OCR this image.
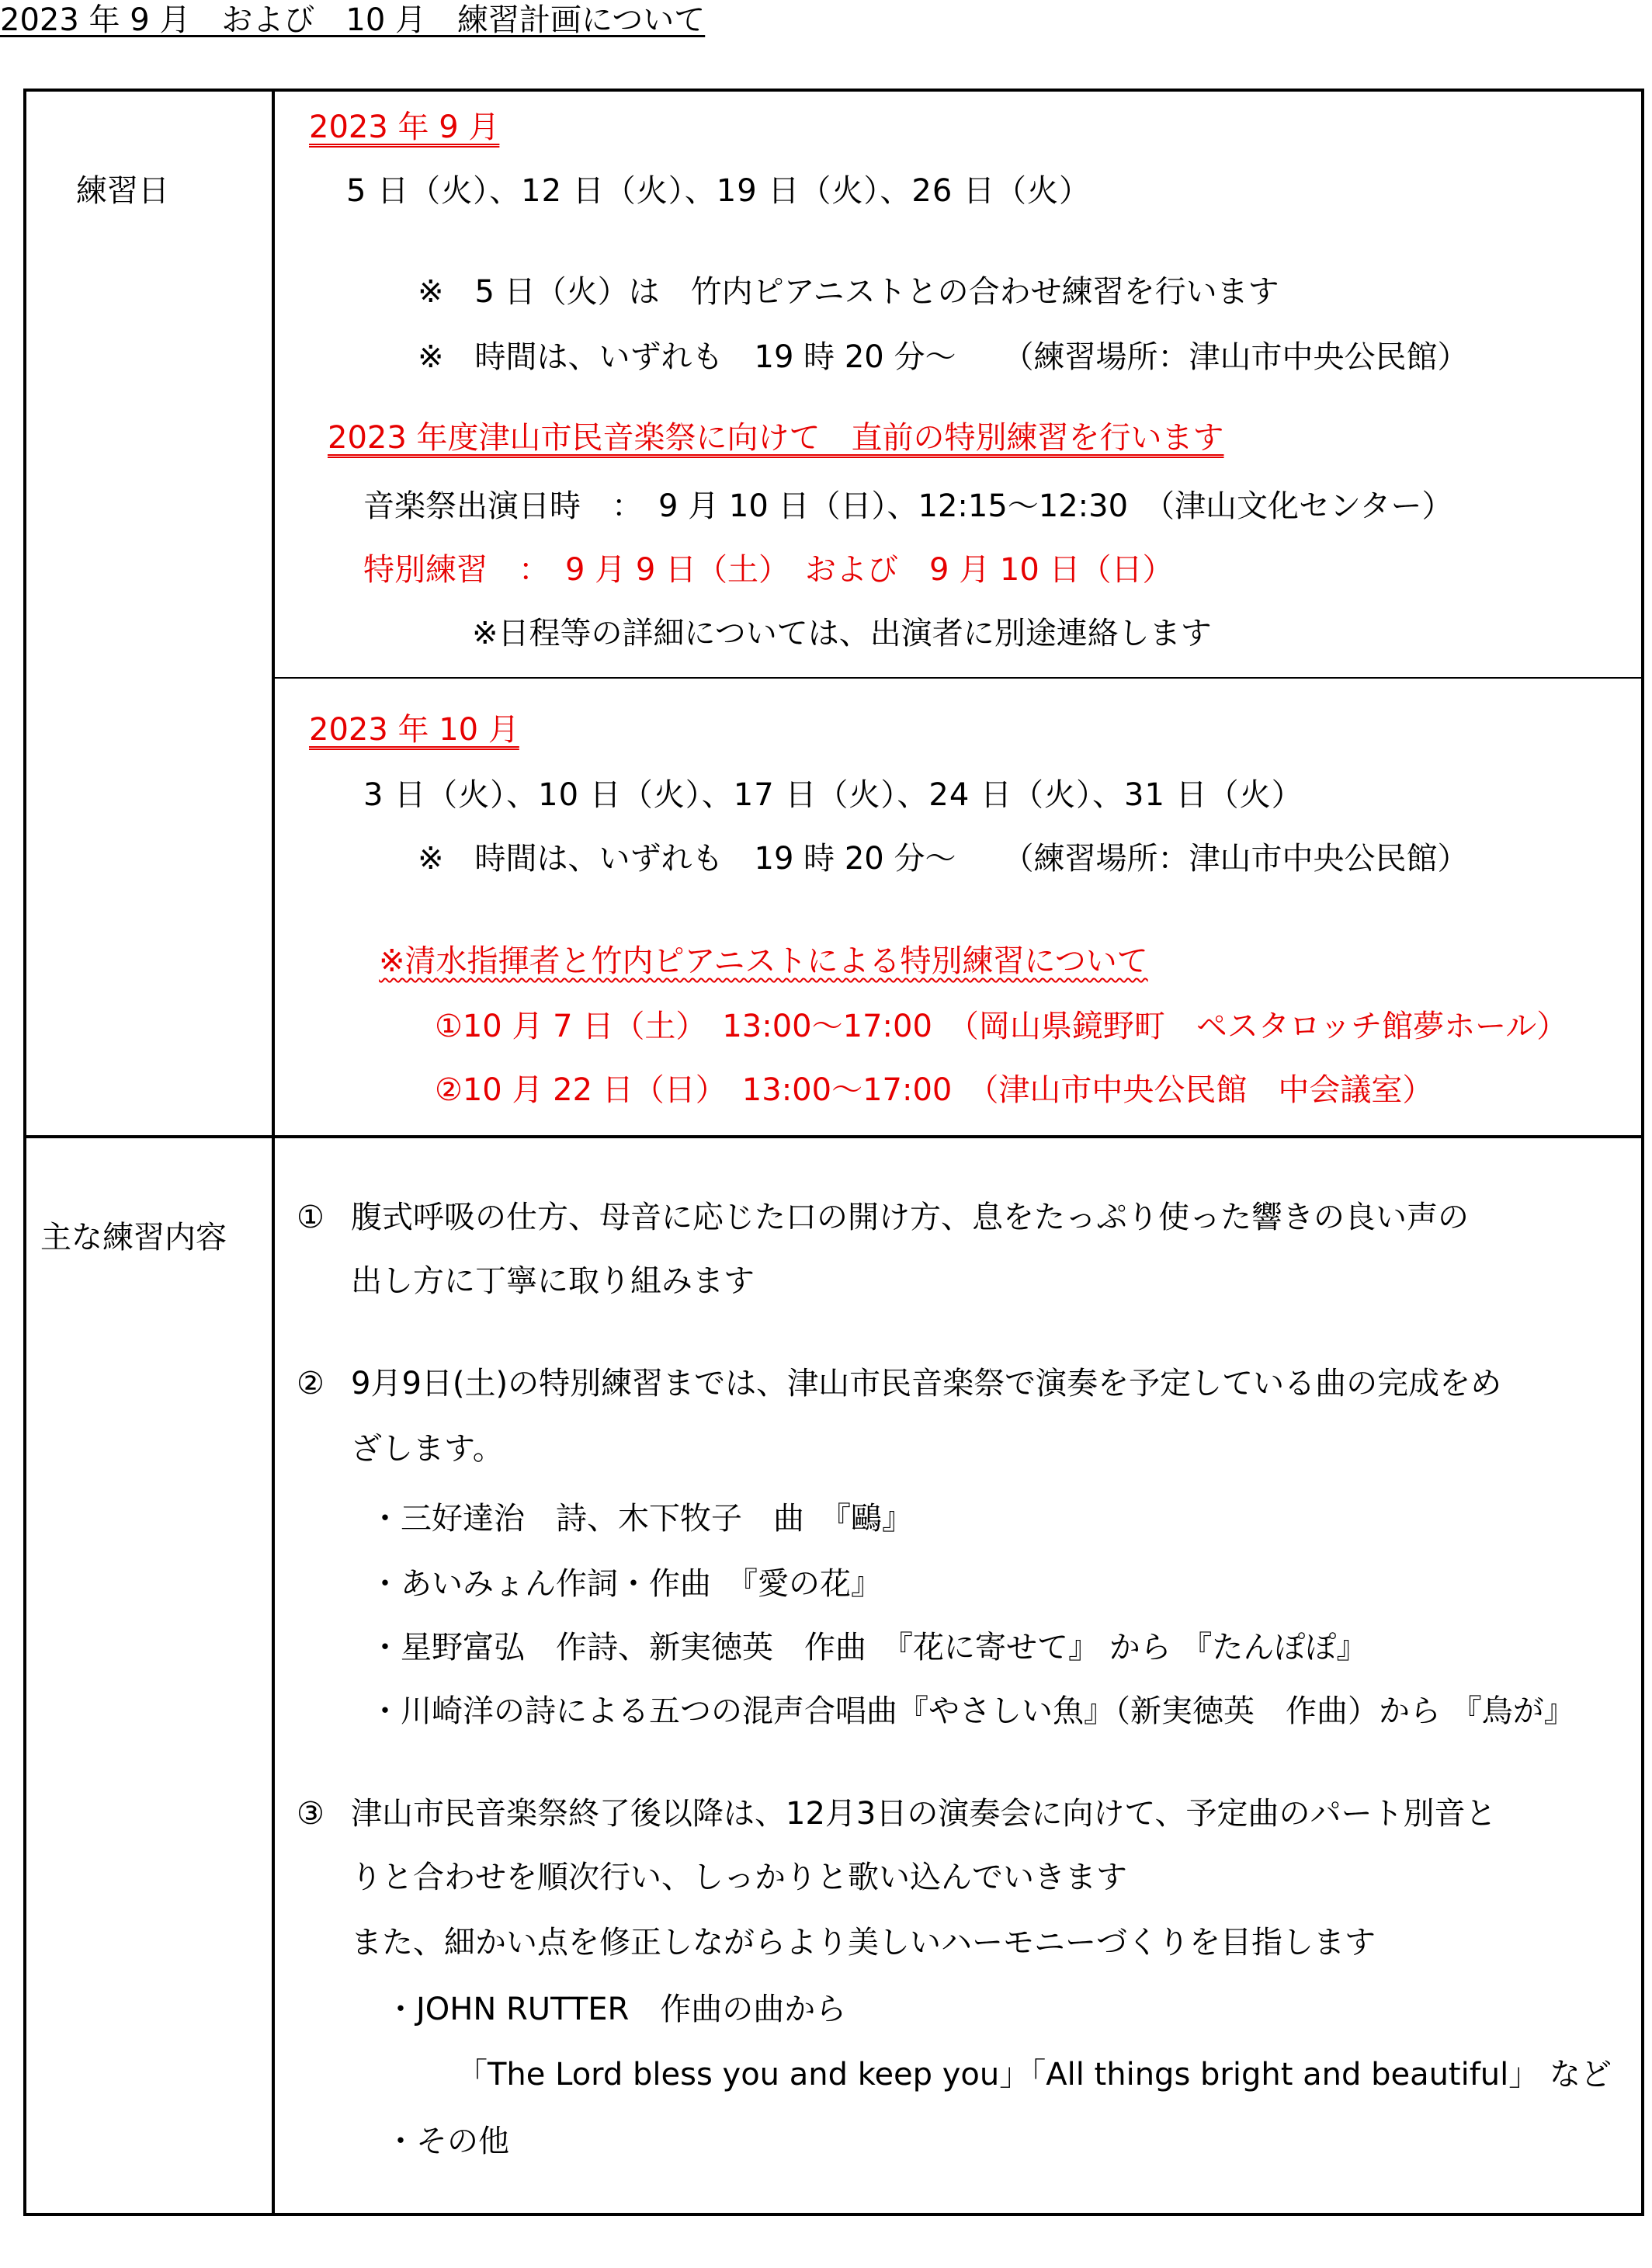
2023 年 9 月　および　10 月　練習計画について
練習日
2023 年 9 月
5 日（火）、12 日（火）、19 日（火）、26 日（火）
※　5 日（火）は　竹内ピアニストとの合わせ練習を行います
※　時間は、いずれも　19 時 20 分～　　（練習場所：津山市中央公民館）
2023 年度津山市民音楽祭に向けて　直前の特別練習を行います
音楽祭出演日時　：　9 月 10 日（日）、12:15～12:30　（津山文化センター）
特別練習　：　9 月 9 日（土）　および　9 月 10 日（日）
※日程等の詳細については、出演者に別途連絡します
2023 年 10 月
3 日（火）、10 日（火）、17 日（火）、24 日（火）、31 日（火）
※　時間は、いずれも　19 時 20 分～　　（練習場所：津山市中央公民館）
※清水指揮者と竹内ピアニストによる特別練習について
①10 月 7 日（土）　13:00～17:00　（岡山県鏡野町　ペスタロッチ館夢ホール）
②10 月 22 日（日）　13:00～17:00　（津山市中央公民館　中会議室）
主な練習内容
① 腹式呼吸の仕方、母音に応じた口の開け方、息をたっぷり使った響きの良い声の
出し方に丁寧に取り組みます
② 9月9日(土)の特別練習までは、津山市民音楽祭で演奏を予定している曲の完成をめ
ざします。
・三好達治　詩、木下牧子　曲　『鷗』
・あいみょん作詞・作曲　『愛の花』
・星野富弘　作詩、新実徳英　作曲　『花に寄せて』 から 『たんぽぽ』
・川崎洋の詩による五つの混声合唱曲『やさしい魚』（新実徳英　作曲）から 『鳥が』
③ 津山市民音楽祭終了後以降は、12月3日の演奏会に向けて、予定曲のパート別音と
りと合わせを順次行い、しっかりと歌い込んでいきます
また、細かい点を修正しながらより美しいハーモニーづくりを目指します
・JOHN RUTTER　作曲の曲から
「The Lord bless you and keep you」「All things bright and beautiful」 など
・その他
